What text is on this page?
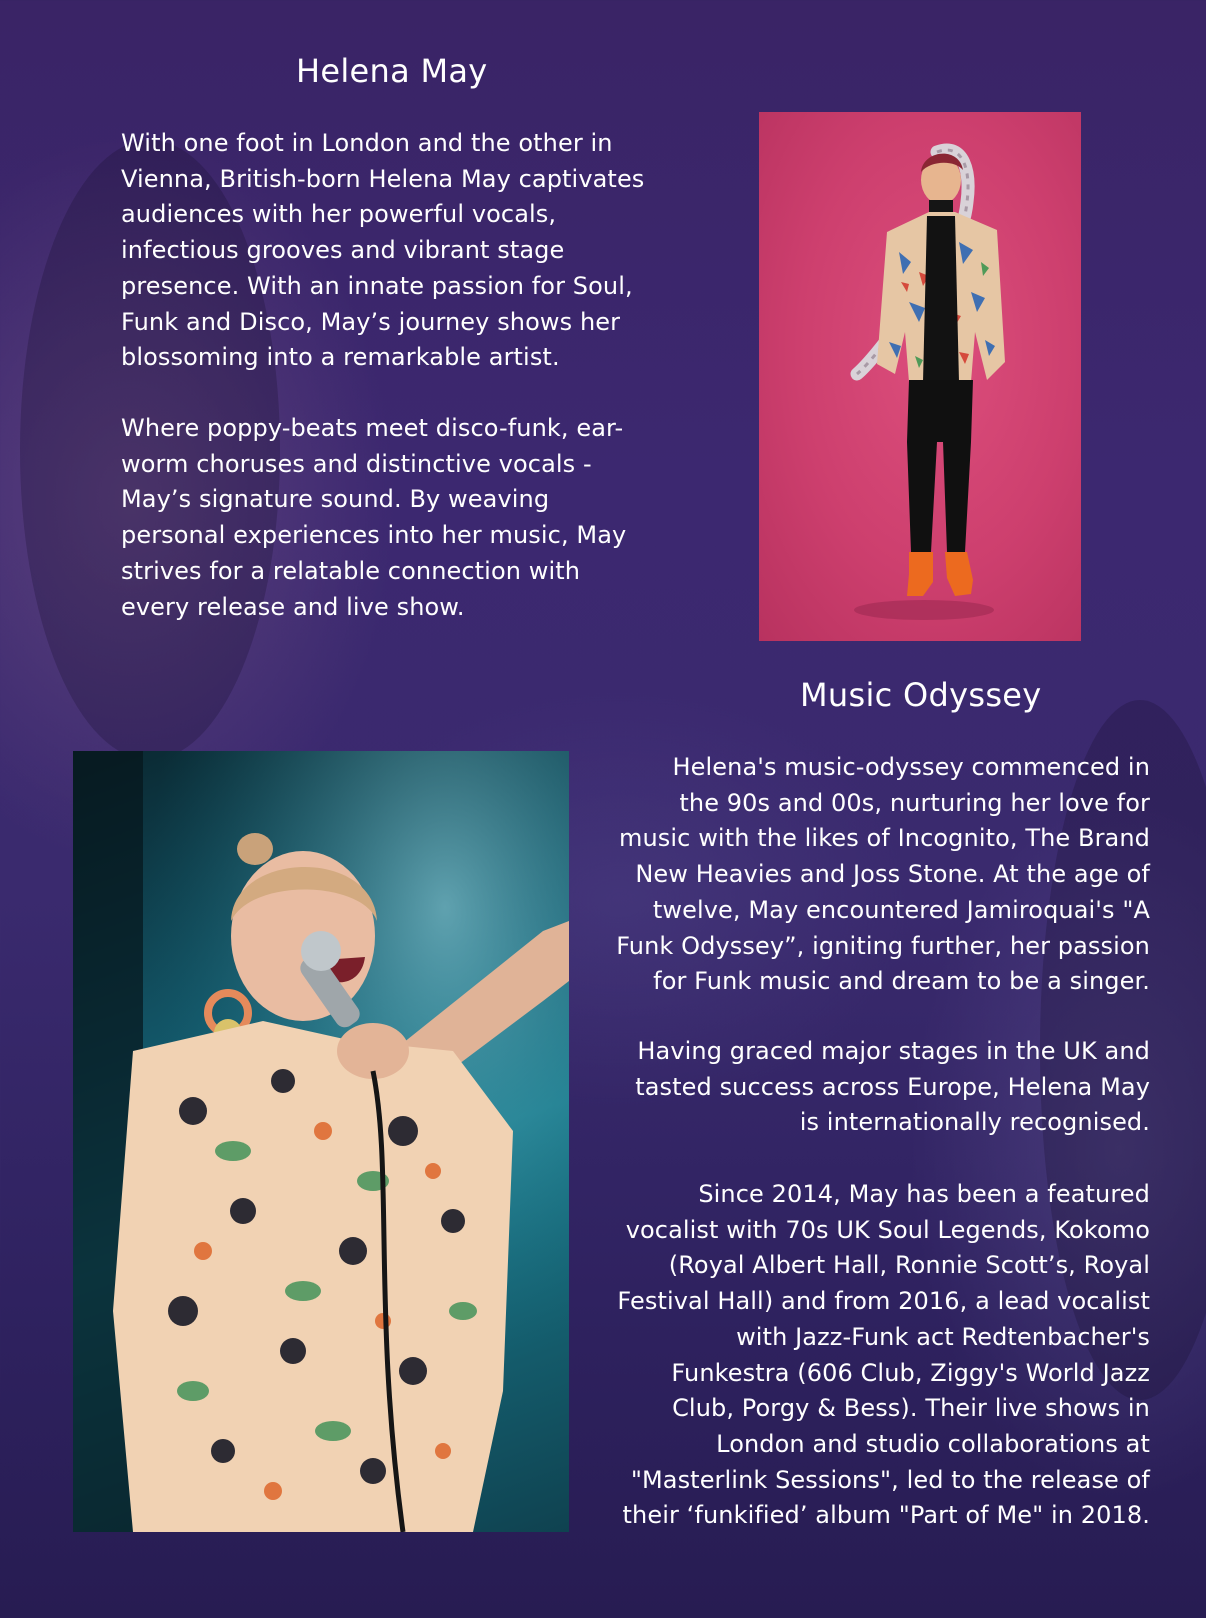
Helena May

With one foot in London and the other in
Vienna, British-born Helena May captivates
audiences with her powerful vocals,
infectious grooves and vibrant stage
presence. With an innate passion for Soul,
Funk and Disco, May’s journey shows her
blossoming into a remarkable artist.

Where poppy-beats meet disco-funk, ear-
worm choruses and distinctive vocals -
May’s signature sound. By weaving
personal experiences into her music, May
strives for a relatable connection with
every release and live show.

Music Odyssey

Helena's music-odyssey commenced in
the 90s and 00s, nurturing her love for
music with the likes of Incognito, The Brand
New Heavies and Joss Stone. At the age of
twelve, May encountered Jamiroquai's "A
Funk Odyssey”, igniting further, her passion
for Funk music and dream to be a singer.

Having graced major stages in the UK and
tasted success across Europe, Helena May
is internationally recognised.

Since 2014, May has been a featured
vocalist with 70s UK Soul Legends, Kokomo
(Royal Albert Hall, Ronnie Scott’s, Royal
Festival Hall) and from 2016, a lead vocalist
with Jazz-Funk act Redtenbacher's
Funkestra (606 Club, Ziggy's World Jazz
Club, Porgy & Bess). Their live shows in
London and studio collaborations at
"Masterlink Sessions", led to the release of
their ‘funkified’ album "Part of Me" in 2018.
